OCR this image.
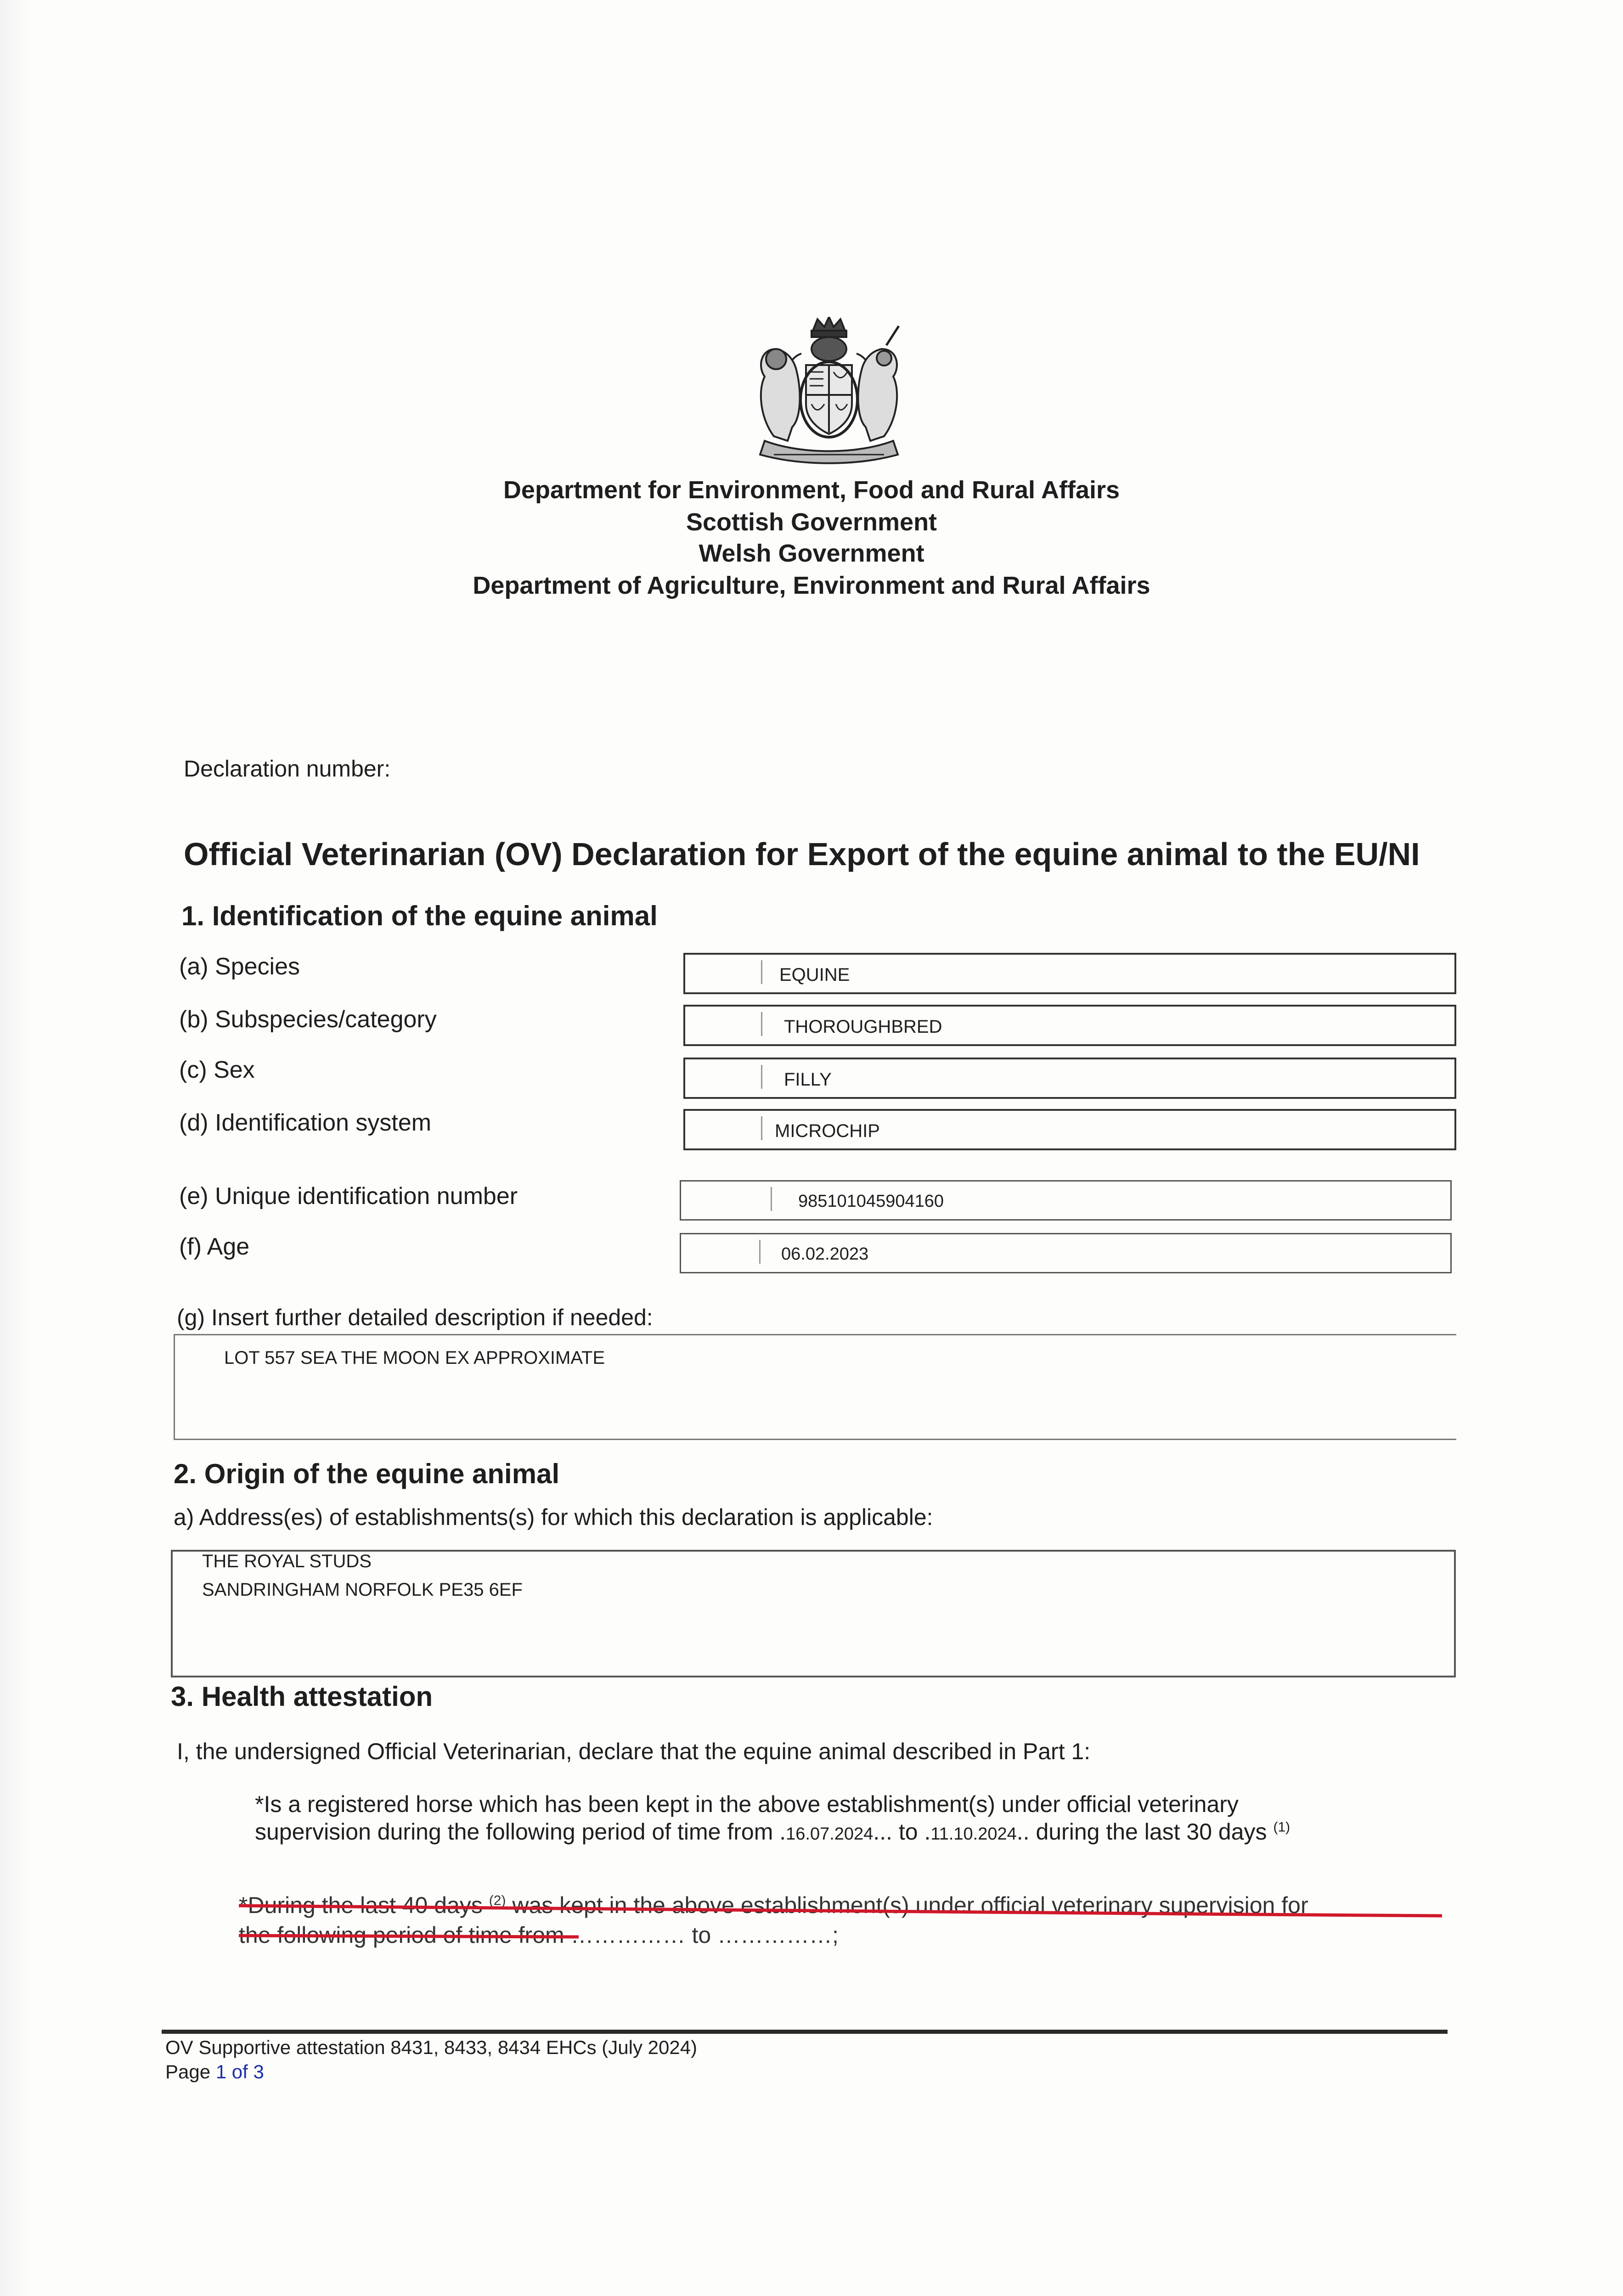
Department for Environment, Food and Rural Affairs
Scottish Government
Welsh Government
Department of Agriculture, Environment and Rural Affairs
Declaration number:
Official Veterinarian (OV) Declaration for Export of the equine animal to the EU/NI
1. Identification of the equine animal
(a) Species	EQUINE
(b) Subspecies/category	THOROUGHBRED
(c) Sex	FILLY
(d) Identification system	MICROCHIP
(e) Unique identification number	985101045904160
(f) Age	06.02.2023
(g) Insert further detailed description if needed:
LOT 557 SEA THE MOON EX APPROXIMATE
2. Origin of the equine animal
a) Address(es) of establishments(s) for which this declaration is applicable:
THE ROYAL STUDS
SANDRINGHAM NORFOLK PE35 6EF
3. Health attestation
I, the undersigned Official Veterinarian, declare that the equine animal described in Part 1:
*Is a registered horse which has been kept in the above establishment(s) under official veterinary
supervision during the following period of time from .16.07.2024... to .11.10.2024.. during the last 30 days $^{(1)}$
*During the last 40 days $^{(2)}$ was kept in the above establishment(s) under official veterinary supervision for
the following period of time from …………… to ……………;
OV Supportive attestation 8431, 8433, 8434 EHCs (July 2024)
Page 1 of 3
